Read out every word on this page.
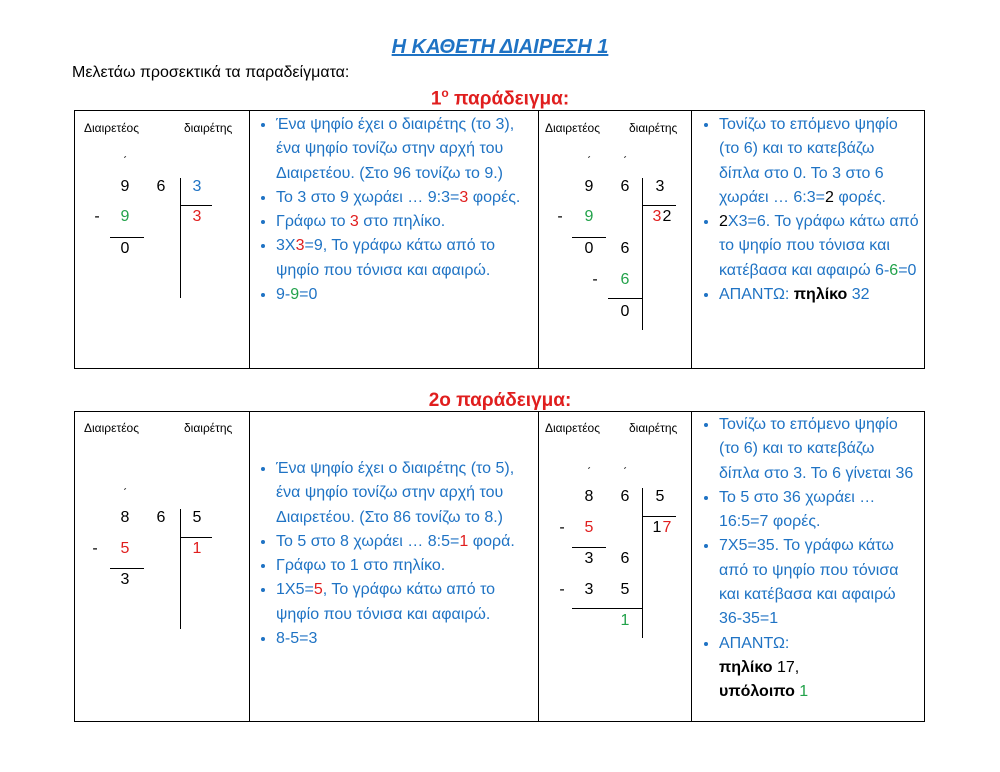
Η ΚΑΘΕΤΗ ΔΙΑΙΡΕΣΗ 1
Μελετάω προσεκτικά τα παραδείγματα:
$1^o$ παράδειγμα:
Διαιρετέος	διαιρέτης
ˊ
9 6 3
- 9	3
0
• Ένα ψηφίο έχει ο διαιρέτης (το 3), ένα ψηφίο τονίζω στην αρχή του Διαιρετέου. (Στο 96 τονίζω το 9.)
• Το 3 στο 9 χωράει … 9:3=3 φορές.
• Γράφω το 3 στο πηλίκο.
• 3Χ3=9, Το γράφω κάτω από το ψηφίο που τόνισα και αφαιρώ.
• 9-9=0
Διαιρετέος διαιρέτης
ˊ	ˊ
9 6 3
- 9	3 2
0 6
- 6
0
• Τονίζω το επόμενο ψηφίο (το 6) και το κατεβάζω δίπλα στο 0. Το 3 στο 6 χωράει … 6:3=2 φορές.
• 2Χ3=6. Το γράφω κάτω από το ψηφίο που τόνισα και κατέβασα και αφαιρώ 6-6=0
• ΑΠΑΝΤΩ: πηλίκο 32
2ο παράδειγμα:
Διαιρετέος	διαιρέτης
ˊ
8 6 5
- 5	1
3
• Ένα ψηφίο έχει ο διαιρέτης (το 5), ένα ψηφίο τονίζω στην αρχή του Διαιρετέου. (Στο 86 τονίζω το 8.)
• Το 5 στο 8 χωράει … 8:5=1 φορά.
• Γράφω το 1 στο πηλίκο.
• 1Χ5=5, Το γράφω κάτω από το ψηφίο που τόνισα και αφαιρώ.
• 8-5=3
Διαιρετέος διαιρέτης
ˊ	ˊ
8 6 5
- 5	1 7
3 6
- 3 5
1
• Τονίζω το επόμενο ψηφίο (το 6) και το κατεβάζω δίπλα στο 3. Το 6 γίνεται 36
• Το 5 στο 36 χωράει … 16:5=7 φορές.
• 7Χ5=35. Το γράφω κάτω από το ψηφίο που τόνισα και κατέβασα και αφαιρώ 36-35=1
• ΑΠΑΝΤΩ:
πηλίκο 17,
υπόλοιπο 1
